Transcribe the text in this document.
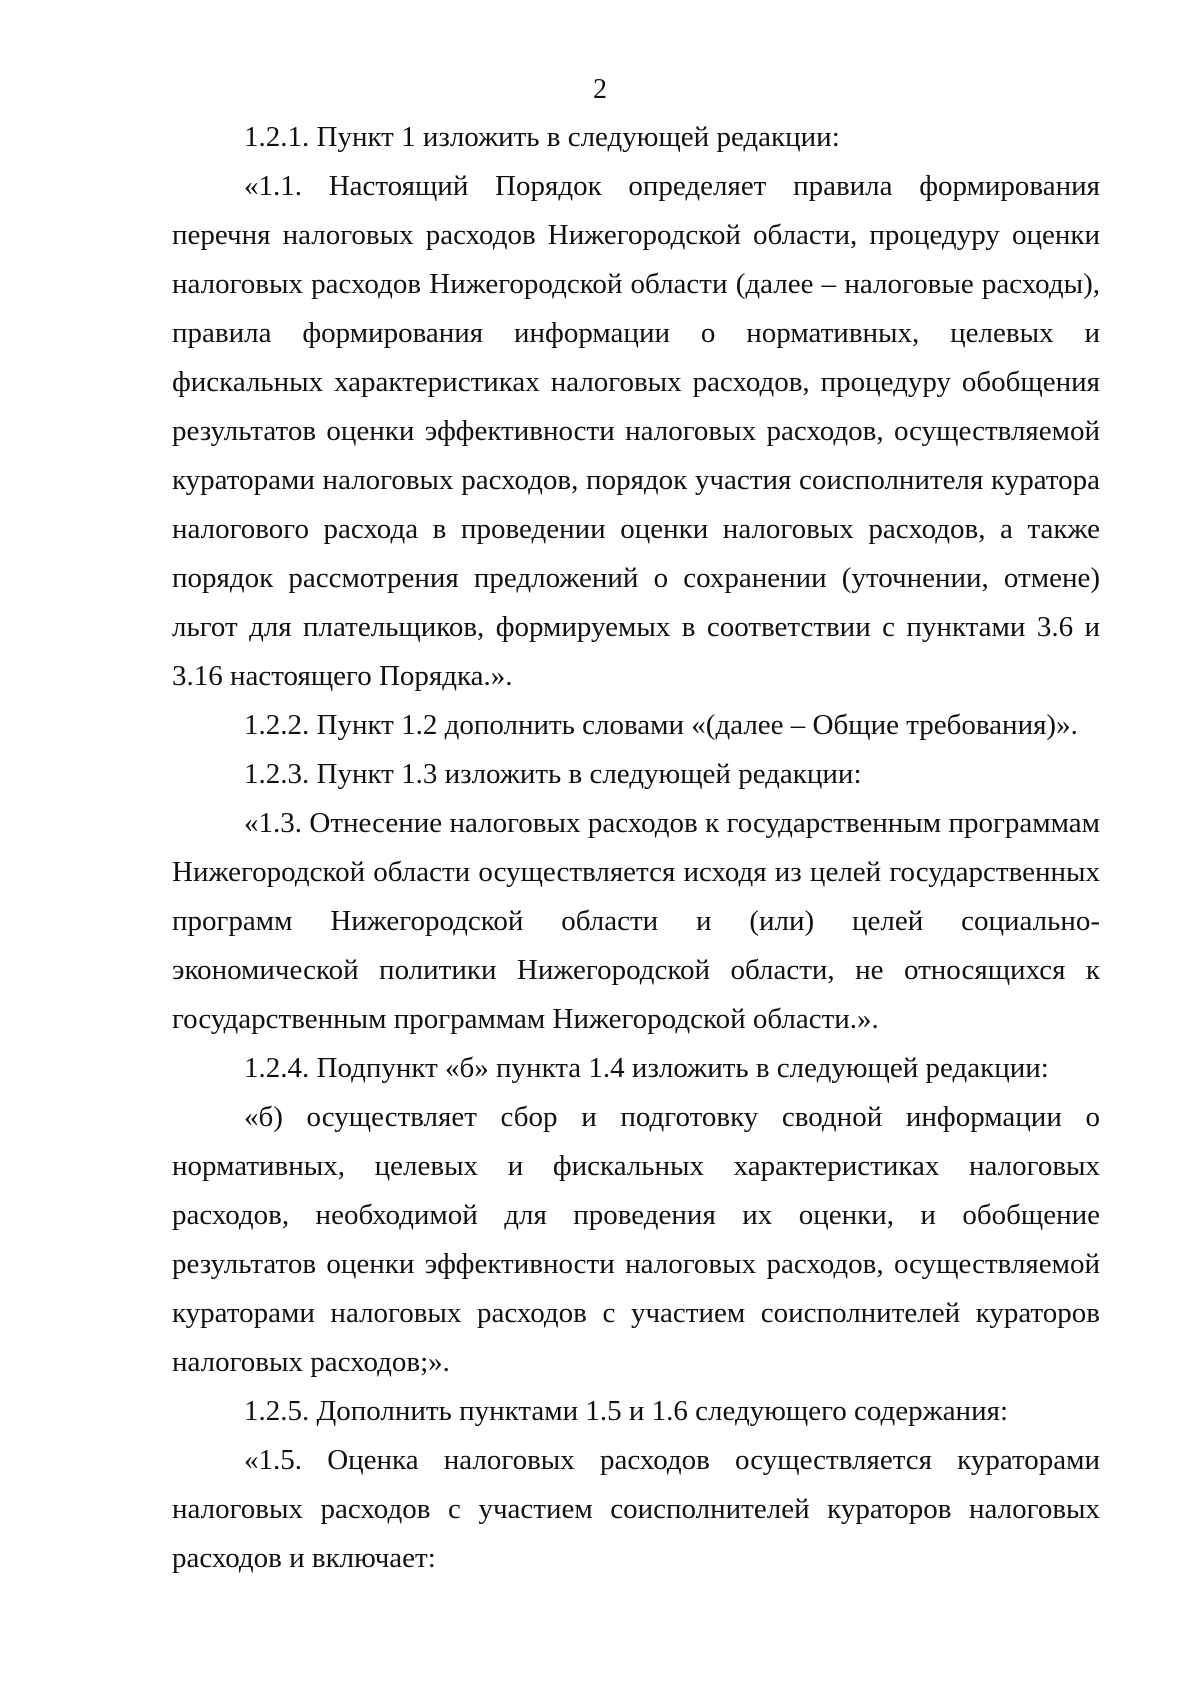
2

1.2.1. Пункт 1 изложить в следующей редакции:

«1.1. Настоящий Порядок определяет правила формирования перечня налоговых расходов Нижегородской области, процедуру оценки налоговых расходов Нижегородской области (далее – налоговые расходы), правила формирования информации о нормативных, целевых и фискальных характеристиках налоговых расходов, процедуру обобщения результатов оценки эффективности налоговых расходов, осуществляемой кураторами налоговых расходов, порядок участия соисполнителя куратора налогового расхода в проведении оценки налоговых расходов, а также порядок рассмотрения предложений о сохранении (уточнении, отмене) льгот для плательщиков, формируемых в соответствии с пунктами 3.6 и 3.16 настоящего Порядка.».

1.2.2. Пункт 1.2 дополнить словами «(далее – Общие требования)».

1.2.3. Пункт 1.3 изложить в следующей редакции:

«1.3. Отнесение налоговых расходов к государственным программам Нижегородской области осуществляется исходя из целей государственных программ Нижегородской области и (или) целей социально-экономической политики Нижегородской области, не относящихся к государственным программам Нижегородской области.».

1.2.4. Подпункт «б» пункта 1.4 изложить в следующей редакции:

«б) осуществляет сбор и подготовку сводной информации о нормативных, целевых и фискальных характеристиках налоговых расходов, необходимой для проведения их оценки, и обобщение результатов оценки эффективности налоговых расходов, осуществляемой кураторами налоговых расходов с участием соисполнителей кураторов налоговых расходов;».

1.2.5. Дополнить пунктами 1.5 и 1.6 следующего содержания:

«1.5. Оценка налоговых расходов осуществляется кураторами налоговых расходов с участием соисполнителей кураторов налоговых расходов и включает:
